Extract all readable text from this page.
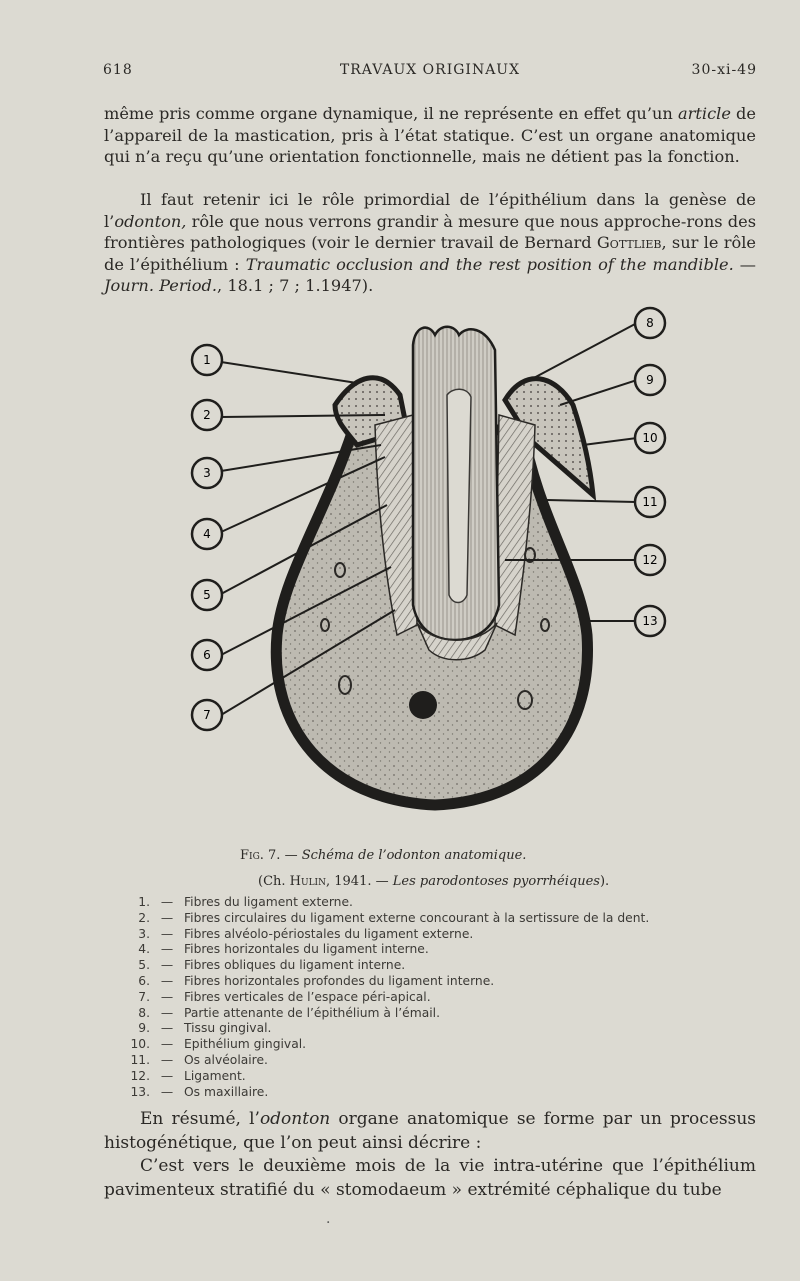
618	TRAVAUX ORIGINAUX	30-xi-49
même pris comme organe dynamique, il ne représente en effet qu’un article de l’appareil de la mastication, pris à l’état statique. C’est un organe anatomique qui n’a reçu qu’une orientation fonctionnelle, mais ne détient pas la fonction.
Il faut retenir ici le rôle primordial de l’épithélium dans la genèse de l’odonton, rôle que nous verrons grandir à mesure que nous approche-rons des frontières pathologiques (voir le dernier travail de Bernard Gottlieb, sur le rôle de l’épithélium : Traumatic occlusion and the rest position of the mandible. — Journ. Period., 18.1 ; 7 ; 1.1947).
1
2
3
4
5
6
7
8
9
10
11
12
13
Fig. 7. — Schéma de l’odonton anatomique.
(Ch. Hulin, 1941. — Les parodontoses pyorrhéiques).
1. — Fibres du ligament externe.
2. — Fibres circulaires du ligament externe concourant à la sertissure de la dent.
3. — Fibres alvéolo-périostales du ligament externe.
4. — Fibres horizontales du ligament interne.
5. — Fibres obliques du ligament interne.
6. — Fibres horizontales profondes du ligament interne.
7. — Fibres verticales de l’espace péri-apical.
8. — Partie attenante de l’épithélium à l’émail.
9. — Tissu gingival.
10. — Epithélium gingival.
11. — Os alvéolaire.
12. — Ligament.
13. — Os maxillaire.
En résumé, l’odonton organe anatomique se forme par un processus histogénétique, que l’on peut ainsi décrire :
C’est vers le deuxième mois de la vie intra-utérine que l’épithélium pavimenteux stratifié du « stomodaeum » extrémité céphalique du tube
·
